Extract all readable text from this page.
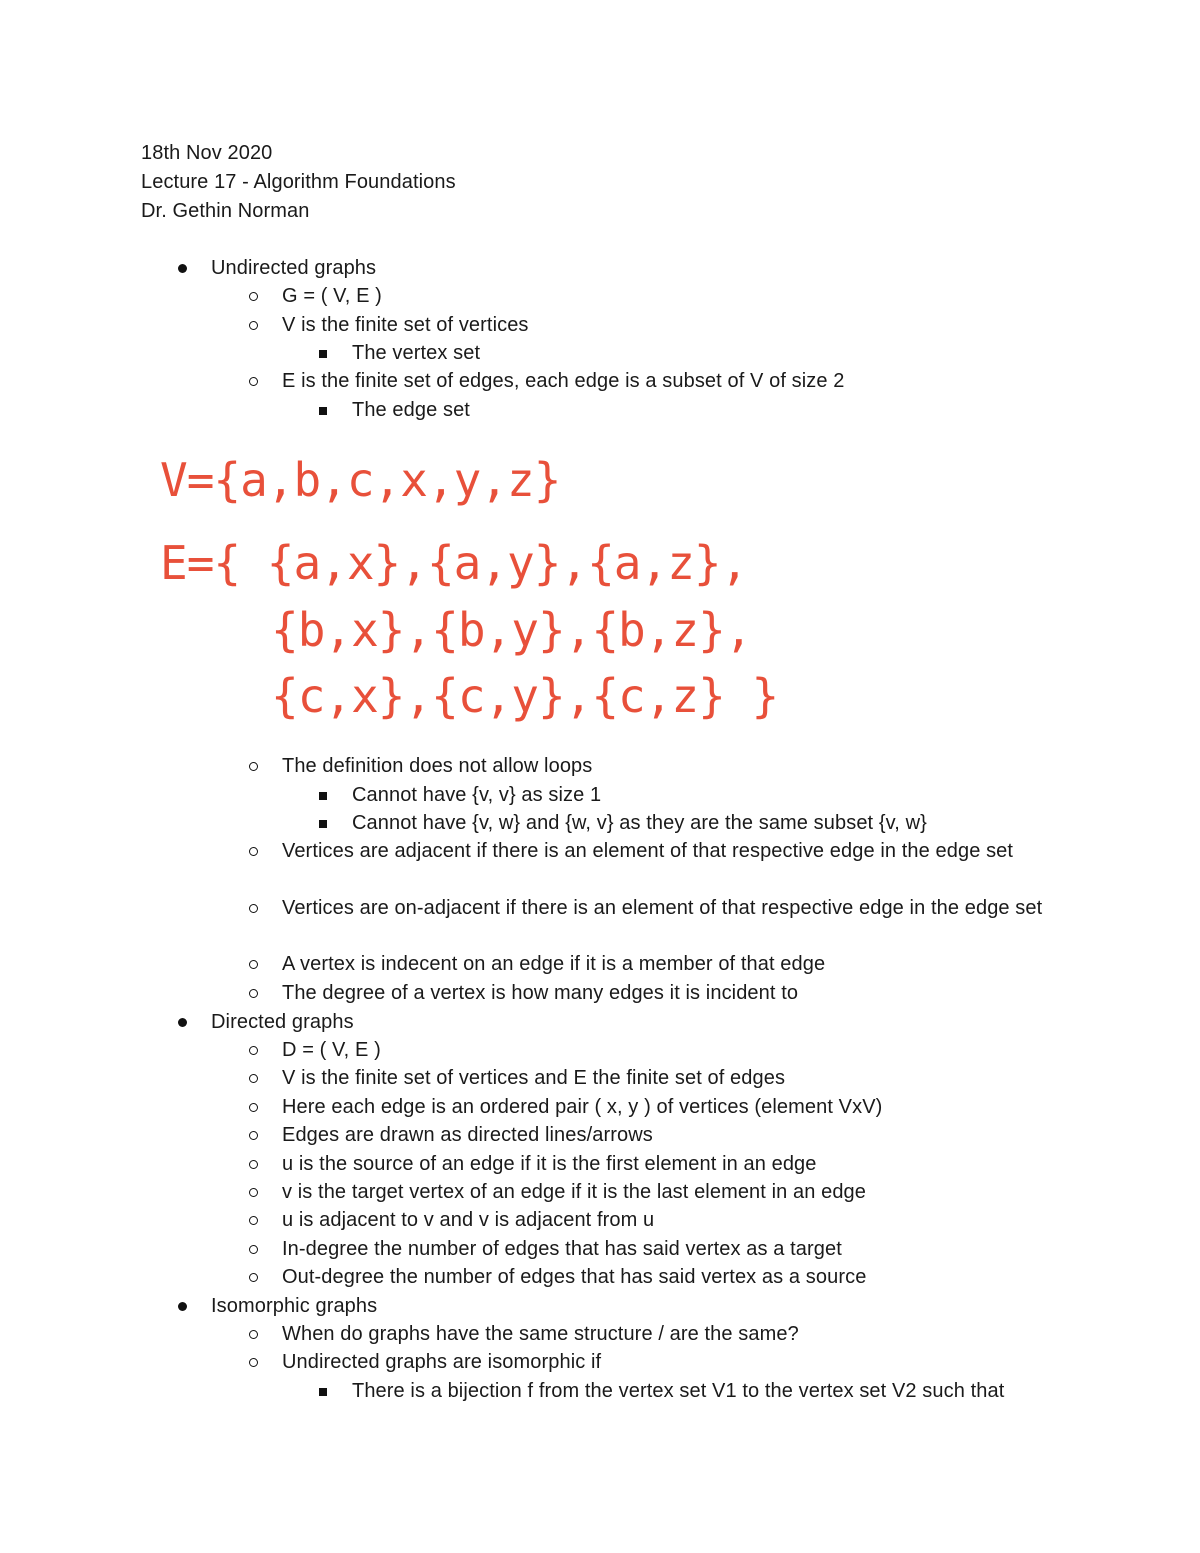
18th Nov 2020
Lecture 17 - Algorithm Foundations
Dr. Gethin Norman
Undirected graphs
G = ( V, E )
V is the finite set of vertices
The vertex set
E is the finite set of edges, each edge is a subset of V of size 2
The edge set
V={a,b,c,x,y,z}
E={ {a,x},{a,y},{a,z},
{b,x},{b,y},{b,z},
{c,x},{c,y},{c,z} }
The definition does not allow loops
Cannot have {v, v} as size 1
Cannot have {v, w} and {w, v} as they are the same subset {v, w}
Vertices are adjacent if there is an element of that respective edge in the edge set
Vertices are on-adjacent if there is an element of that respective edge in the edge set
A vertex is indecent on an edge if it is a member of that edge
The degree of a vertex is how many edges it is incident to
Directed graphs
D = ( V, E )
V is the finite set of vertices and E the finite set of edges
Here each edge is an ordered pair ( x, y ) of vertices (element VxV)
Edges are drawn as directed lines/arrows
u is the source of an edge if it is the first element in an edge
v is the target vertex of an edge if it is the last element in an edge
u is adjacent to v and v is adjacent from u
In-degree the number of edges that has said vertex as a target
Out-degree the number of edges that has said vertex as a source
Isomorphic graphs
When do graphs have the same structure / are the same?
Undirected graphs are isomorphic if
There is a bijection f from the vertex set V1 to the vertex set V2 such that
